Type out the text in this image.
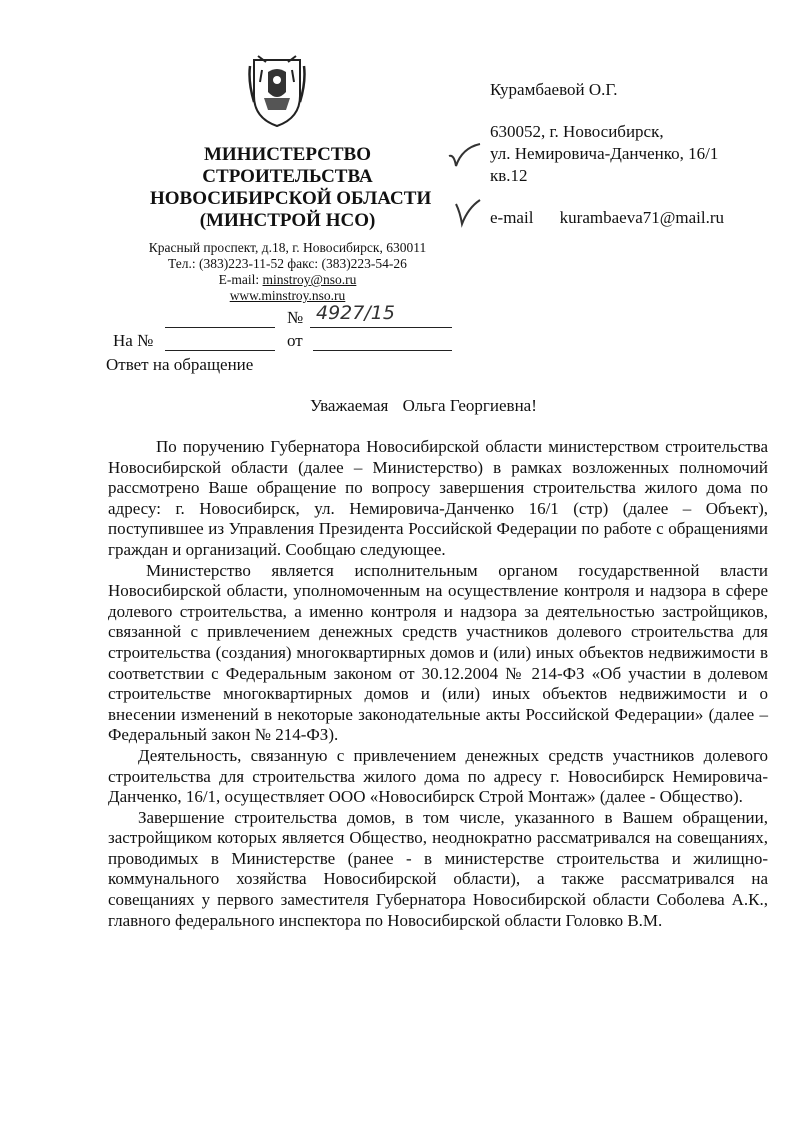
МИНИСТЕРСТВО
СТРОИТЕЛЬСТВА
НОВОСИБИРСКОЙ ОБЛАСТИ
(МИНСТРОЙ НСО)
Красный проспект, д.18, г. Новосибирск, 630011
Тел.: (383)223-11-52 факс: (383)223-54-26
E-mail: minstroy@nso.ru
www.minstroy.nso.ru
Курамбаевой О.Г.
630052, г. Новосибирск,
ул. Немировича-Данченко, 16/1
кв.12
e-mail kurambaeva71@mail.ru
№ 4927/15
На №	от
Ответ на обращение
Уважаемая Ольга Георгиевна!

По поручению Губернатора Новосибирской области министерством строительства Новосибирской области (далее – Министерство) в рамках возложенных полномочий рассмотрено Ваше обращение по вопросу завершения строительства жилого дома по адресу: г. Новосибирск, ул. Немировича-Данченко 16/1 (стр) (далее – Объект), поступившее из Управления Президента Российской Федерации по работе с обращениями граждан и организаций. Сообщаю следующее.

Министерство является исполнительным органом государственной власти Новосибирской области, уполномоченным на осуществление контроля и надзора в сфере долевого строительства, а именно контроля и надзора за деятельностью застройщиков, связанной с привлечением денежных средств участников долевого строительства для строительства (создания) многоквартирных домов и (или) иных объектов недвижимости в соответствии с Федеральным законом от 30.12.2004 № 214-ФЗ «Об участии в долевом строительстве многоквартирных домов и (или) иных объектов недвижимости и о внесении изменений в некоторые законодательные акты Российской Федерации» (далее – Федеральный закон № 214-ФЗ).

Деятельность, связанную с привлечением денежных средств участников долевого строительства для строительства жилого дома по адресу г. Новосибирск Немировича-Данченко, 16/1, осуществляет ООО «Новосибирск Строй Монтаж» (далее - Общество).

Завершение строительства домов, в том числе, указанного в Вашем обращении, застройщиком которых является Общество, неоднократно рассматривался на совещаниях, проводимых в Министерстве (ранее - в министерстве строительства и жилищно-коммунального хозяйства Новосибирской области), а также рассматривался на совещаниях у первого заместителя Губернатора Новосибирской области Соболева А.К., главного федерального инспектора по Новосибирской области Головко В.М.
